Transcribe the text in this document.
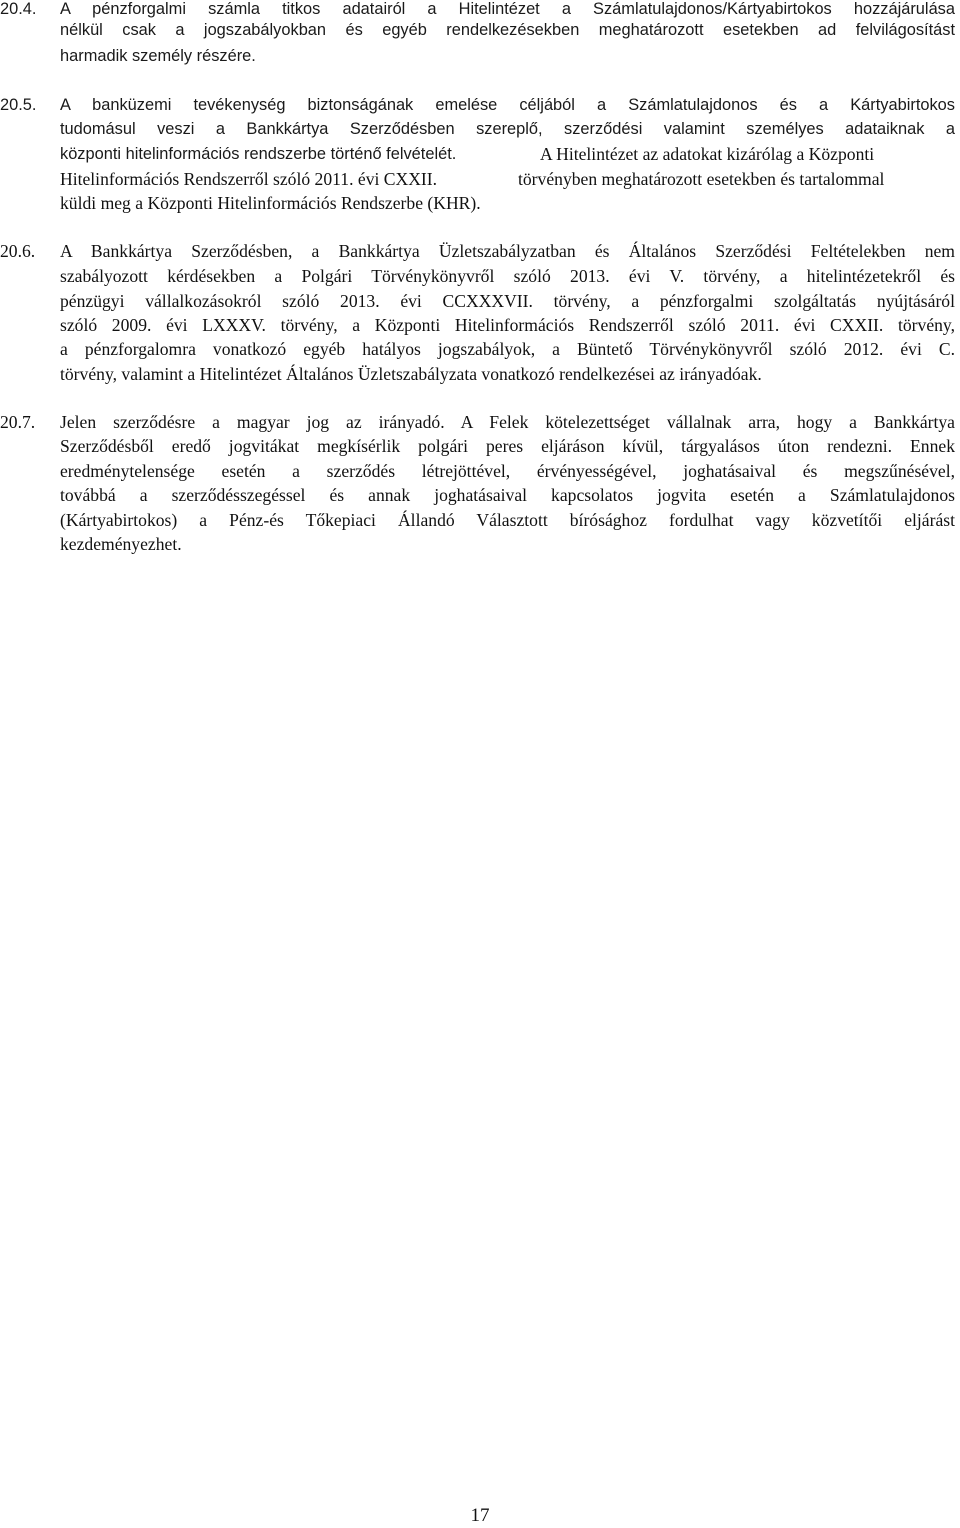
20.4. A pénzforgalmi számla titkos adatairól a Hitelintézet a Számlatulajdonos/Kártyabirtokos hozzájárulása
nélkül csak a jogszabályokban és egyéb rendelkezésekben meghatározott esetekben ad felvilágosítást
harmadik személy részére.
20.5. A banküzemi tevékenység biztonságának emelése céljából a Számlatulajdonos és a Kártyabirtokos
tudomásul veszi a Bankkártya Szerződésben szereplő, szerződési valamint személyes adataiknak a
központi hitelinformációs rendszerbe történő felvételét.	A Hitelintézet az adatokat kizárólag a Központi
Hitelinformációs Rendszerről szóló 2011. évi CXXII.	törvényben meghatározott esetekben és tartalommal
küldi meg a Központi Hitelinformációs Rendszerbe (KHR).
20.6. A Bankkártya Szerződésben, a Bankkártya Üzletszabályzatban és Általános Szerződési Feltételekben nem
szabályozott kérdésekben a Polgári Törvénykönyvről szóló 2013. évi V. törvény, a hitelintézetekről és
pénzügyi vállalkozásokról szóló 2013. évi CCXXXVII. törvény, a pénzforgalmi szolgáltatás nyújtásáról
szóló 2009. évi LXXXV. törvény, a Központi Hitelinformációs Rendszerről szóló 2011. évi CXXII. törvény,
a pénzforgalomra vonatkozó egyéb hatályos jogszabályok, a Büntető Törvénykönyvről szóló 2012. évi C.
törvény, valamint a Hitelintézet Általános Üzletszabályzata vonatkozó rendelkezései az irányadóak.
20.7. Jelen szerződésre a magyar jog az irányadó. A Felek kötelezettséget vállalnak arra, hogy a Bankkártya
Szerződésből eredő jogvitákat megkísérlik polgári peres eljáráson kívül, tárgyalásos úton rendezni. Ennek
eredménytelensége esetén a szerződés létrejöttével, érvényességével, joghatásaival és megszűnésével,
továbbá a szerződésszegéssel és annak joghatásaival kapcsolatos jogvita esetén a Számlatulajdonos
(Kártyabirtokos) a Pénz-és Tőkepiaci Állandó Választott bírósághoz fordulhat vagy közvetítői eljárást
kezdeményezhet.
17
